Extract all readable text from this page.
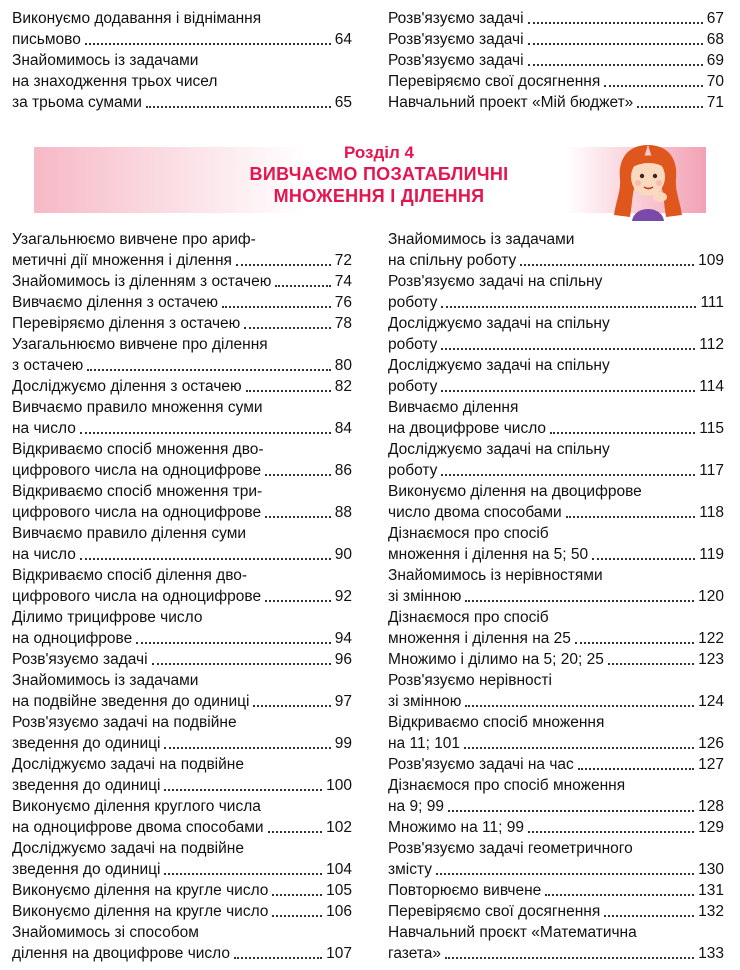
Виконуємо додавання і віднімання
письмово	64
Знайомимось із задачами
на знаходження трьох чисел
за трьома сумами	65
Розв'язуємо задачі	67
Розв'язуємо задачі	68
Розв'язуємо задачі	69
Перевіряємо свої досягнення	70
Навчальний проект «Мій бюджет»	71
Розділ 4
ВИВЧАЄМО ПОЗАТАБЛИЧНІ
МНОЖЕННЯ І ДІЛЕННЯ
Узагальнюємо вивчене про ариф-
метичні дії множення і ділення	72
Знайомимось із діленням з остачею	74
Вивчаємо ділення з остачею	76
Перевіряємо ділення з остачею	78
Узагальнюємо вивчене про ділення
з остачею	80
Досліджуємо ділення з остачею	82
Вивчаємо правило множення суми
на число	84
Відкриваємо спосіб множення дво-
цифрового числа на одноцифрове	86
Відкриваємо спосіб множення три-
цифрового числа на одноцифрове	88
Вивчаємо правило ділення суми
на число	90
Відкриваємо спосіб ділення дво-
цифрового числа на одноцифрове	92
Ділимо трицифрове число
на одноцифрове	94
Розв'язуємо задачі	96
Знайомимось із задачами
на подвійне зведення до одиниці	97
Розв'язуємо задачі на подвійне
зведення до одиниці	99
Досліджуємо задачі на подвійне
зведення до одиниці	100
Виконуємо ділення круглого числа
на одноцифрове двома способами	102
Досліджуємо задачі на подвійне
зведення до одиниці	104
Виконуємо ділення на кругле число	105
Виконуємо ділення на кругле число	106
Знайомимось зі способом
ділення на двоцифрове число	107
Знайомимось із задачами
на спільну роботу	109
Розв'язуємо задачі на спільну
роботу	111
Досліджуємо задачі на спільну
роботу	112
Досліджуємо задачі на спільну
роботу	114
Вивчаємо ділення
на двоцифрове число	115
Досліджуємо задачі на спільну
роботу	117
Виконуємо ділення на двоцифрове
число двома способами	118
Дізнаємося про спосіб
множення і ділення на 5; 50	119
Знайомимось із нерівностями
зі змінною	120
Дізнаємося про спосіб
множення і ділення на 25	122
Множимо і ділимо на 5; 20; 25	123
Розв'язуємо нерівності
зі змінною	124
Відкриваємо спосіб множення
на 11; 101	126
Розв'язуємо задачі на час	127
Дізнаємося про спосіб множення
на 9; 99	128
Множимо на 11; 99	129
Розв'язуємо задачі геометричного
змісту	130
Повторюємо вивчене	131
Перевіряємо свої досягнення	132
Навчальний проєкт «Математична
газета»	133
